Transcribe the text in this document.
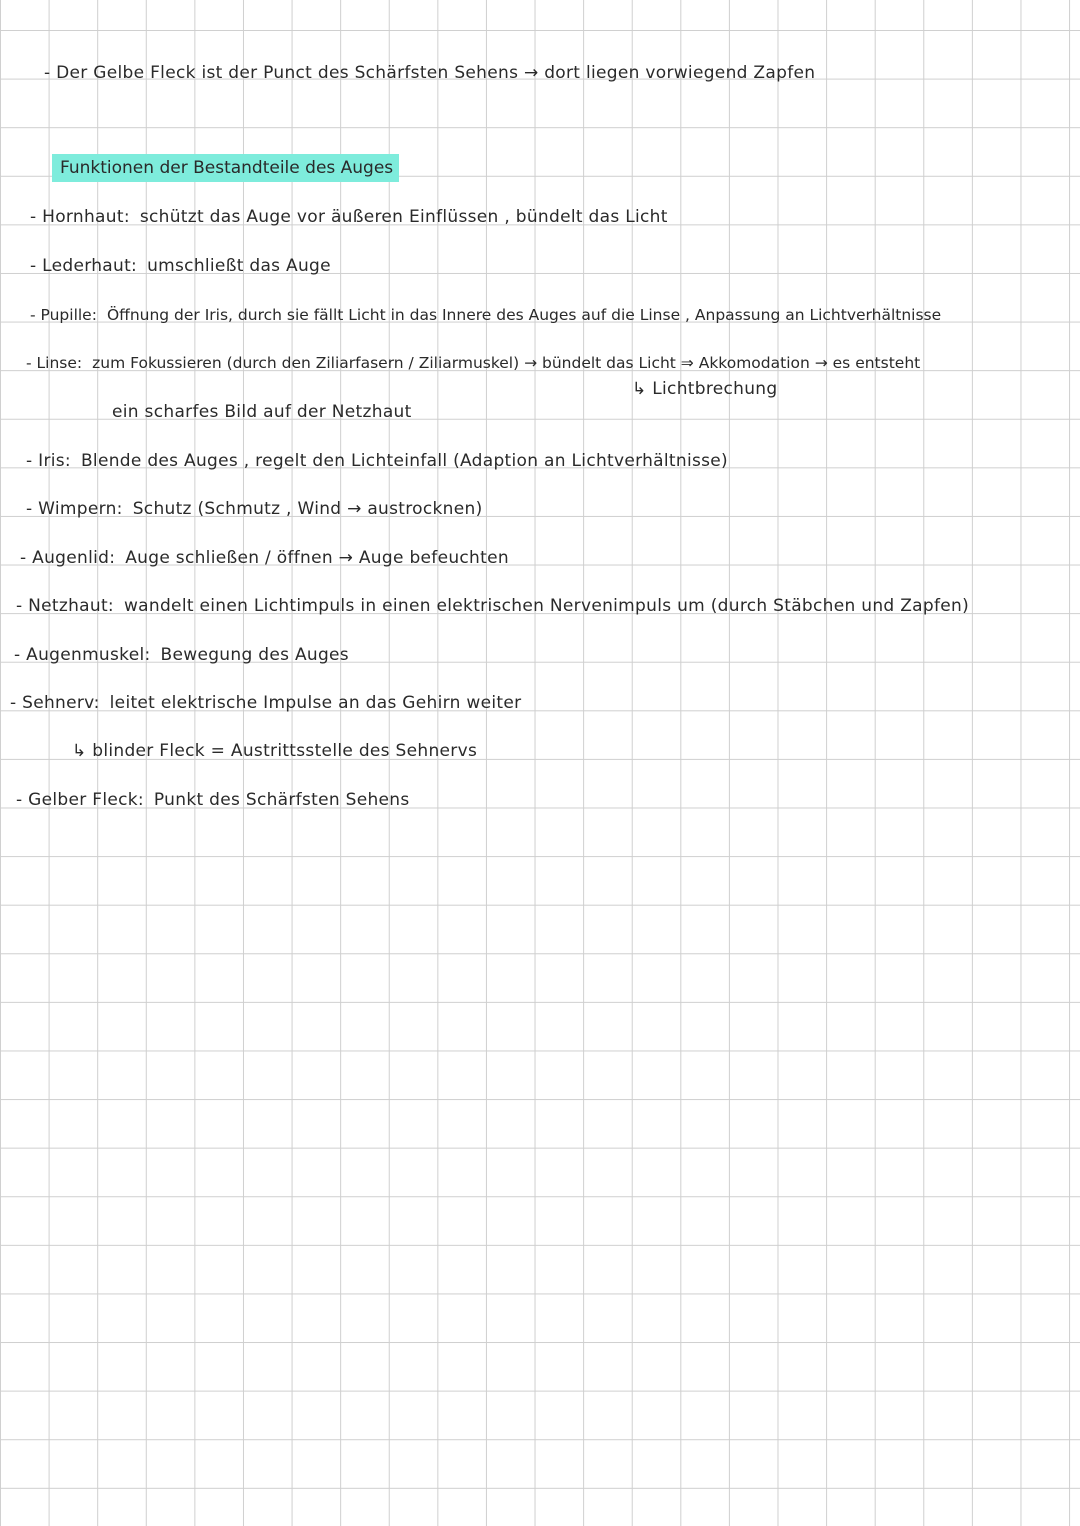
- Der Gelbe Fleck ist der Punct des Schärfsten Sehens → dort liegen vorwiegend Zapfen
Funktionen der Bestandteile des Auges
- Hornhaut: schützt das Auge vor äußeren Einflüssen , bündelt das Licht
- Lederhaut: umschließt das Auge
- Pupille: Öffnung der Iris, durch sie fällt Licht in das Innere des Auges auf die Linse , Anpassung an Lichtverhältnisse
- Linse: zum Fokussieren (durch den Ziliarfasern / Ziliarmuskel) → bündelt das Licht ⇒ Akkomodation → es entsteht
↳ Lichtbrechung
ein scharfes Bild auf der Netzhaut
- Iris: Blende des Auges , regelt den Lichteinfall (Adaption an Lichtverhältnisse)
- Wimpern: Schutz (Schmutz , Wind → austrocknen)
- Augenlid: Auge schließen / öffnen → Auge befeuchten
- Netzhaut: wandelt einen Lichtimpuls in einen elektrischen Nervenimpuls um (durch Stäbchen und Zapfen)
- Augenmuskel: Bewegung des Auges
- Sehnerv: leitet elektrische Impulse an das Gehirn weiter
↳ blinder Fleck = Austrittsstelle des Sehnervs
- Gelber Fleck: Punkt des Schärfsten Sehens
